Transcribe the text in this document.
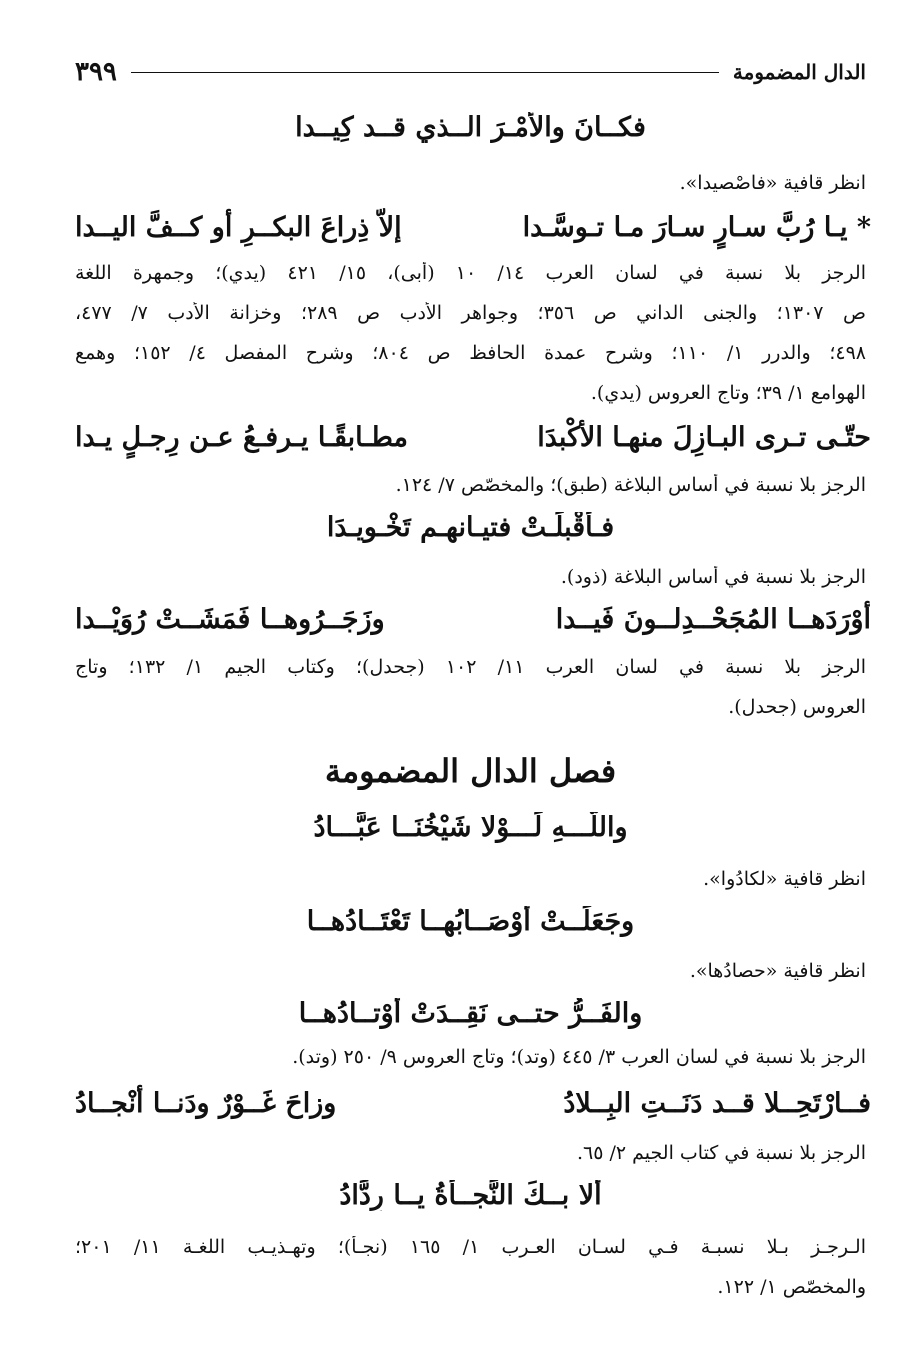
الدال المضمومة
٣٩٩
فكــانَ والأمْـرَ الــذي قــد كِيــدا
انظر قافية «فاصْصيدا».
* يـا رُبَّ سـارٍ سـارَ مـا تـوسَّـدا
إلاّ ذِراعَ البكــرِ أو كــفَّ اليــدا
الرجز بلا نسبة في لسان العرب ١٤/ ١٠ (أبى)، ١٥/ ٤٢١ (يدي)؛ وجمهرة اللغة
ص ١٣٠٧؛ والجنى الداني ص ٣٥٦؛ وجواهر الأدب ص ٢٨٩؛ وخزانة الأدب ٧/ ٤٧٧،
٤٩٨؛ والدرر ١/ ١١٠؛ وشرح عمدة الحافظ ص ٨٠٤؛ وشرح المفصل ٤/ ١٥٢؛ وهمع
الهوامع ١/ ٣٩؛ وتاج العروس (يدي).
حتّـى تـرى البـازِلَ منهـا الأكْبدَا
مطـابقًـا يـرفـعُ عـن رِجـلٍ يـدا
الرجز بلا نسبة في أساس البلاغة (طبق)؛ والمخصّص ٧/ ١٢٤.
فـأقْبلَـتْ فتيـانهـم تَخْـويـدَا
الرجز بلا نسبة في أساس البلاغة (ذود).
أوْرَدَهــا المُجَحْــدِلــونَ فَيــدا
وزَجَــرُوهــا فَمَشَــتْ رُوَيْــدا
الرجز بلا نسبة في لسان العرب ١١/ ١٠٢ (جحدل)؛ وكتاب الجيم ١/ ١٣٢؛ وتاج
العروس (جحدل).
فصل الدال المضمومة
واللّـــهِ لَـــوْلا شَيْخُنَــا عَبَّـــادُ
انظر قافية «لكادُوا».
وجَعَلَــتْ أوْصَــابُهــا تَعْتَــادُهــا
انظر قافية «حصادُها».
والفَــرُّ حتــى نَقِــدَتْ أوْتــادُهــا
الرجز بلا نسبة في لسان العرب ٣/ ٤٤٥ (وتد)؛ وتاج العروس ٩/ ٢٥٠ (وتد).
فــارْتَحِــلا قــد دَنَــتِ البِــلادُ
وزاحَ غَــوْرٌ ودَنــا أنْجــادُ
الرجز بلا نسبة في كتاب الجيم ٢/ ٦٥.
ألا بــكَ النَّجــأةُ يــا رِدَّادُ
الـرجـز بـلا نسبـة فـي لسـان العـرب ١/ ١٦٥ (نجـأ)؛ وتهـذيـب اللغـة ١١/ ٢٠١؛
والمخصّص ١/ ١٢٢.
